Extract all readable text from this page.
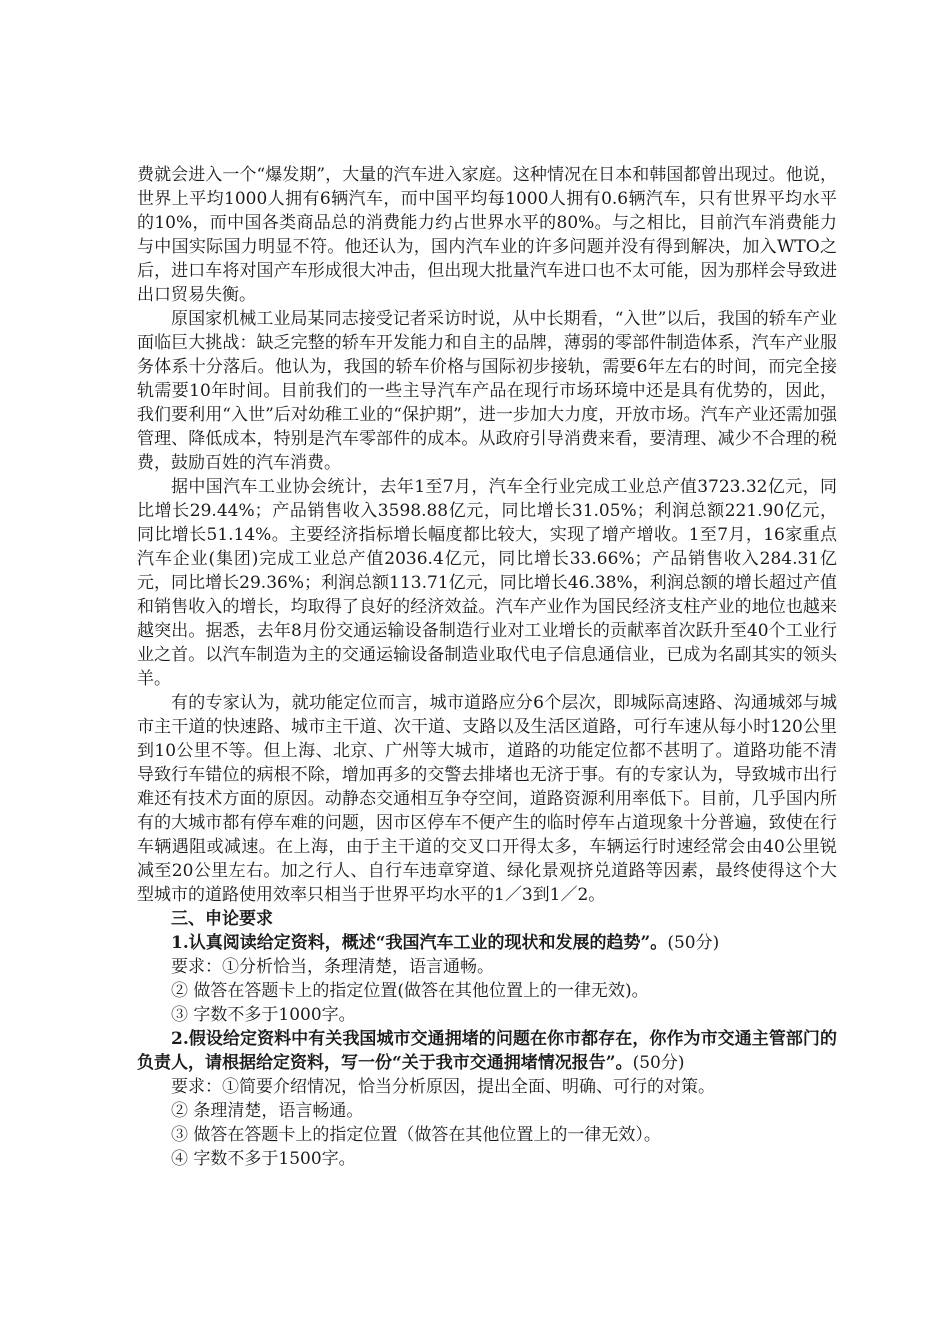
费就会进入一个“爆发期”，大量的汽车进入家庭。这种情况在日本和韩国都曾出现过。他说，世界上平均1000人拥有6辆汽车，而中国平均每1000人拥有0.6辆汽车，只有世界平均水平的10%，而中国各类商品总的消费能力约占世界水平的80%。与之相比，目前汽车消费能力与中国实际国力明显不符。他还认为，国内汽车业的许多问题并没有得到解决，加入WTO之后，进口车将对国产车形成很大冲击，但出现大批量汽车进口也不太可能，因为那样会导致进出口贸易失衡。

原国家机械工业局某同志接受记者采访时说，从中长期看，“入世”以后，我国的轿车产业面临巨大挑战：缺乏完整的轿车开发能力和自主的品牌，薄弱的零部件制造体系，汽车产业服务体系十分落后。他认为，我国的轿车价格与国际初步接轨，需要6年左右的时间，而完全接轨需要10年时间。目前我们的一些主导汽车产品在现行市场环境中还是具有优势的，因此，我们要利用“入世”后对幼稚工业的“保护期”，进一步加大力度，开放市场。汽车产业还需加强管理、降低成本，特别是汽车零部件的成本。从政府引导消费来看，要清理、减少不合理的税费，鼓励百姓的汽车消费。

据中国汽车工业协会统计，去年1至7月，汽车全行业完成工业总产值3723.32亿元，同比增长29.44%；产品销售收入3598.88亿元，同比增长31.05%；利润总额221.90亿元，同比增长51.14%。主要经济指标增长幅度都比较大，实现了增产增收。1至7月，16家重点汽车企业(集团)完成工业总产值2036.4亿元，同比增长33.66%；产品销售收入284.31亿元，同比增长29.36%；利润总额113.71亿元，同比增长46.38%，利润总额的增长超过产值和销售收入的增长，均取得了良好的经济效益。汽车产业作为国民经济支柱产业的地位也越来越突出。据悉，去年8月份交通运输设备制造行业对工业增长的贡献率首次跃升至40个工业行业之首。以汽车制造为主的交通运输设备制造业取代电子信息通信业，已成为名副其实的领头羊。

有的专家认为，就功能定位而言，城市道路应分6个层次，即城际高速路、沟通城郊与城市主干道的快速路、城市主干道、次干道、支路以及生活区道路，可行车速从每小时120公里到10公里不等。但上海、北京、广州等大城市，道路的功能定位都不甚明了。道路功能不清导致行车错位的病根不除，增加再多的交警去排堵也无济于事。有的专家认为，导致城市出行难还有技术方面的原因。动静态交通相互争夺空间，道路资源利用率低下。目前，几乎国内所有的大城市都有停车难的问题，因市区停车不便产生的临时停车占道现象十分普遍，致使在行车辆遇阻或减速。在上海，由于主干道的交叉口开得太多，车辆运行时速经常会由40公里锐减至20公里左右。加之行人、自行车违章穿道、绿化景观挤兑道路等因素，最终使得这个大型城市的道路使用效率只相当于世界平均水平的1／3到1／2。

三、申论要求

1.认真阅读给定资料，概述“我国汽车工业的现状和发展的趋势”。(50分)

要求：①分析恰当，条理清楚，语言通畅。

② 做答在答题卡上的指定位置(做答在其他位置上的一律无效)。

③ 字数不多于1000字。

2.假设给定资料中有关我国城市交通拥堵的问题在你市都存在，你作为市交通主管部门的负责人，请根据给定资料，写一份“关于我市交通拥堵情况报告”。(50分)

要求：①简要介绍情况，恰当分析原因，提出全面、明确、可行的对策。

② 条理清楚，语言畅通。

③ 做答在答题卡上的指定位置（做答在其他位置上的一律无效）。

④ 字数不多于1500字。
